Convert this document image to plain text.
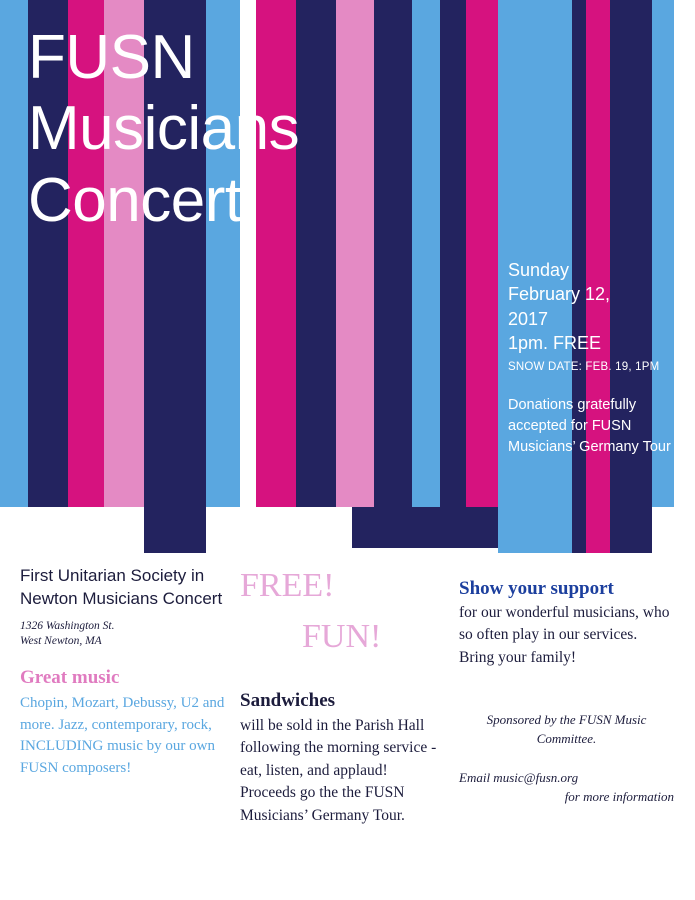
FUSN
Musicians
Concert!
Sunday
February 12,
2017
1pm. FREE
SNOW DATE: FEB. 19, 1PM
Donations gratefully accepted for FUSN Musicians’ Germany Tour
First Unitarian Society in Newton Musicians Concert
1326 Washington St.
West Newton, MA
Great music
Chopin, Mozart, Debussy, U2 and more. Jazz, contemporary, rock, INCLUDING music by our own FUSN composers!
FREE!
FUN!
Sandwiches
will be sold in the Parish Hall following the morning service - eat, listen, and applaud! Proceeds go the the FUSN Musicians’ Germany Tour.
Show your support
for our wonderful musicians, who so often play in our services. Bring your family!
Sponsored by the FUSN Music
Committee.
Email music@fusn.org
for more information
